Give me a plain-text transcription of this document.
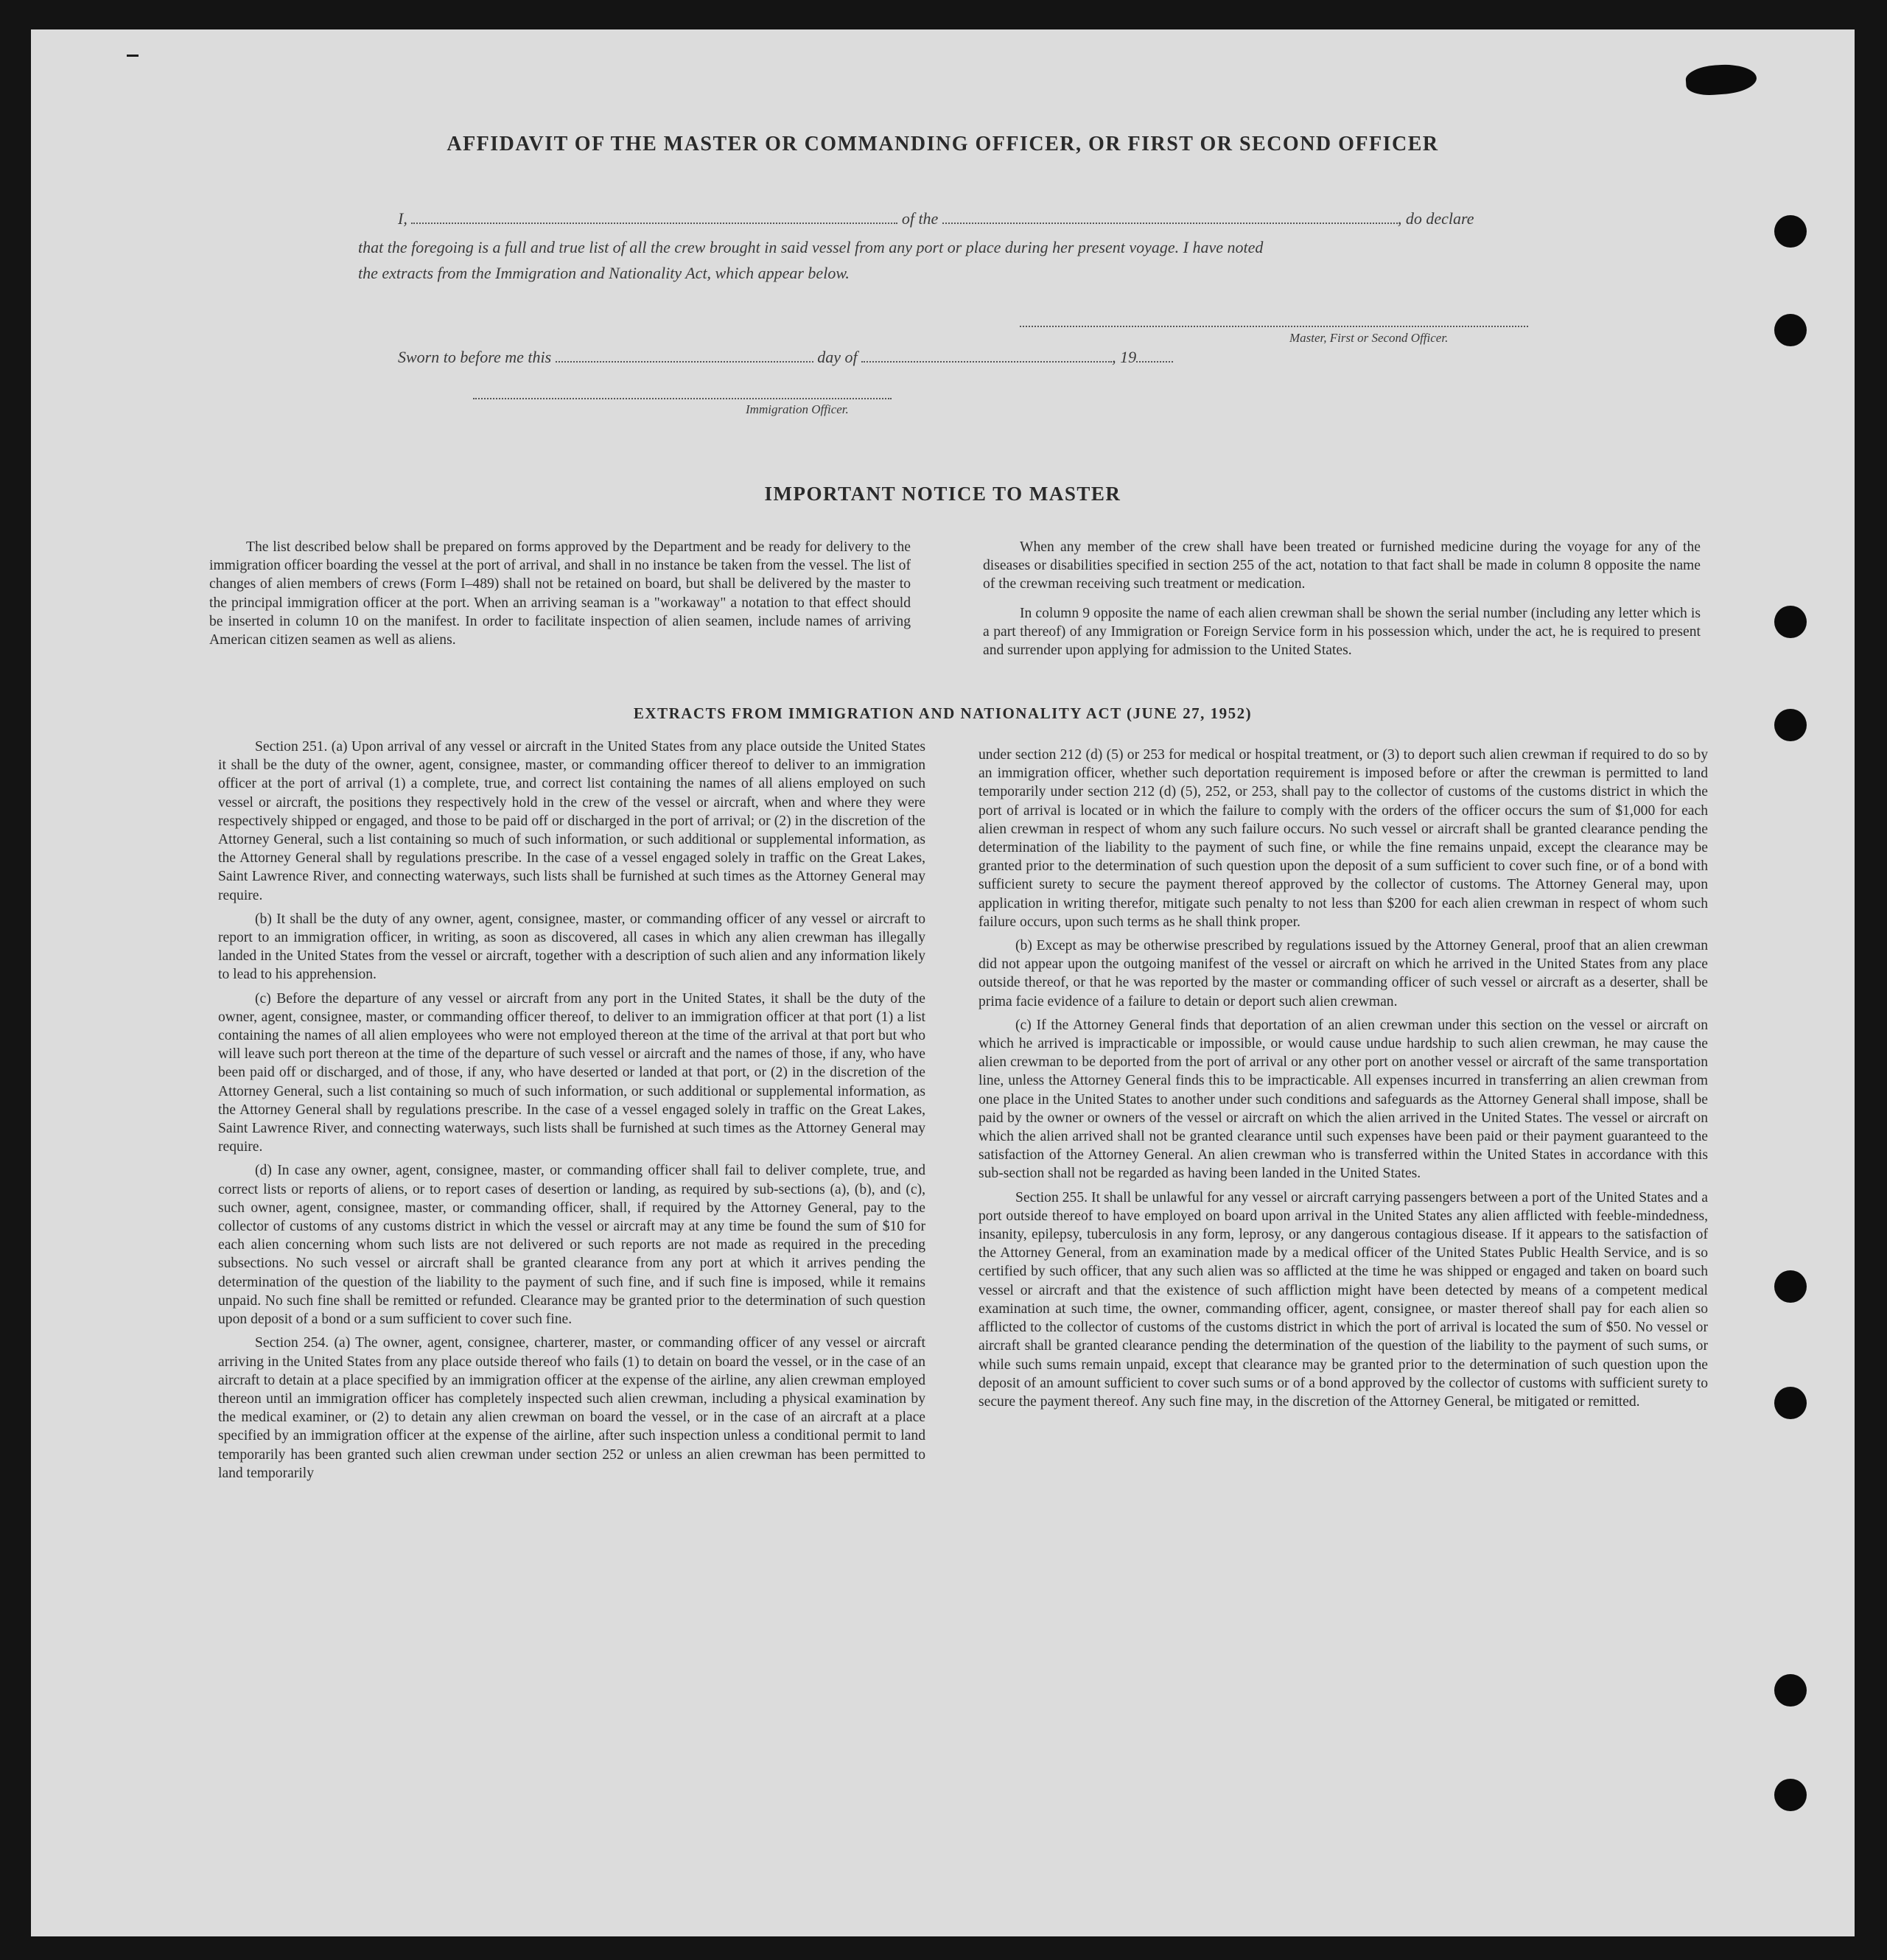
AFFIDAVIT OF THE MASTER OR COMMANDING OFFICER, OR FIRST OR SECOND OFFICER
I,	of the	, do declare
that the foregoing is a full and true list of all the crew brought in said vessel from any port or place during her present voyage. I have noted
the extracts from the Immigration and Nationality Act, which appear below.
Master, First or Second Officer.
Sworn to before me this	day of	, 19
Immigration Officer.
IMPORTANT NOTICE TO MASTER

The list described below shall be prepared on forms approved by the Department and be ready for delivery to the immigration officer boarding the vessel at the port of arrival, and shall in no instance be taken from the vessel. The list of changes of alien members of crews (Form I–489) shall not be retained on board, but shall be delivered by the master to the principal immigration officer at the port. When an arriving seaman is a "workaway" a notation to that effect should be inserted in column 10 on the manifest. In order to facilitate inspection of alien seamen, include names of arriving American citizen seamen as well as aliens.

When any member of the crew shall have been treated or furnished medicine during the voyage for any of the diseases or disabilities specified in section 255 of the act, notation to that fact shall be made in column 8 opposite the name of the crewman receiving such treatment or medication.

In column 9 opposite the name of each alien crewman shall be shown the serial number (including any letter which is a part thereof) of any Immigration or Foreign Service form in his possession which, under the act, he is required to present and surrender upon applying for admission to the United States.

EXTRACTS FROM IMMIGRATION AND NATIONALITY ACT (JUNE 27, 1952)

Section 251. (a) Upon arrival of any vessel or aircraft in the United States from any place outside the United States it shall be the duty of the owner, agent, consignee, master, or commanding officer thereof to deliver to an immigration officer at the port of arrival (1) a complete, true, and correct list containing the names of all aliens employed on such vessel or aircraft, the positions they respectively hold in the crew of the vessel or aircraft, when and where they were respectively shipped or engaged, and those to be paid off or discharged in the port of arrival; or (2) in the discretion of the Attorney General, such a list containing so much of such information, or such additional or supplemental information, as the Attorney General shall by regulations prescribe. In the case of a vessel engaged solely in traffic on the Great Lakes, Saint Lawrence River, and connecting waterways, such lists shall be furnished at such times as the Attorney General may require.

(b) It shall be the duty of any owner, agent, consignee, master, or commanding officer of any vessel or aircraft to report to an immigration officer, in writing, as soon as discovered, all cases in which any alien crewman has illegally landed in the United States from the vessel or aircraft, together with a description of such alien and any information likely to lead to his apprehension.

(c) Before the departure of any vessel or aircraft from any port in the United States, it shall be the duty of the owner, agent, consignee, master, or commanding officer thereof, to deliver to an immigration officer at that port (1) a list containing the names of all alien employees who were not employed thereon at the time of the arrival at that port but who will leave such port thereon at the time of the departure of such vessel or aircraft and the names of those, if any, who have been paid off or discharged, and of those, if any, who have deserted or landed at that port, or (2) in the discretion of the Attorney General, such a list containing so much of such information, or such additional or supplemental information, as the Attorney General shall by regulations prescribe. In the case of a vessel engaged solely in traffic on the Great Lakes, Saint Lawrence River, and connecting waterways, such lists shall be furnished at such times as the Attorney General may require.

(d) In case any owner, agent, consignee, master, or commanding officer shall fail to deliver complete, true, and correct lists or reports of aliens, or to report cases of desertion or landing, as required by sub-sections (a), (b), and (c), such owner, agent, consignee, master, or commanding officer, shall, if required by the Attorney General, pay to the collector of customs of any customs district in which the vessel or aircraft may at any time be found the sum of $10 for each alien concerning whom such lists are not delivered or such reports are not made as required in the preceding subsections. No such vessel or aircraft shall be granted clearance from any port at which it arrives pending the determination of the question of the liability to the payment of such fine, and if such fine is imposed, while it remains unpaid. No such fine shall be remitted or refunded. Clearance may be granted prior to the determination of such question upon deposit of a bond or a sum sufficient to cover such fine.

Section 254. (a) The owner, agent, consignee, charterer, master, or commanding officer of any vessel or aircraft arriving in the United States from any place outside thereof who fails (1) to detain on board the vessel, or in the case of an aircraft to detain at a place specified by an immigration officer at the expense of the airline, any alien crewman employed thereon until an immigration officer has completely inspected such alien crewman, including a physical examination by the medical examiner, or (2) to detain any alien crewman on board the vessel, or in the case of an aircraft at a place specified by an immigration officer at the expense of the airline, after such inspection unless a conditional permit to land temporarily has been granted such alien crewman under section 252 or unless an alien crewman has been permitted to land temporarily

under section 212 (d) (5) or 253 for medical or hospital treatment, or (3) to deport such alien crewman if required to do so by an immigration officer, whether such deportation requirement is imposed before or after the crewman is permitted to land temporarily under section 212 (d) (5), 252, or 253, shall pay to the collector of customs of the customs district in which the port of arrival is located or in which the failure to comply with the orders of the officer occurs the sum of $1,000 for each alien crewman in respect of whom any such failure occurs. No such vessel or aircraft shall be granted clearance pending the determination of the liability to the payment of such fine, or while the fine remains unpaid, except the clearance may be granted prior to the determination of such question upon the deposit of a sum sufficient to cover such fine, or of a bond with sufficient surety to secure the payment thereof approved by the collector of customs. The Attorney General may, upon application in writing therefor, mitigate such penalty to not less than $200 for each alien crewman in respect of whom such failure occurs, upon such terms as he shall think proper.

(b) Except as may be otherwise prescribed by regulations issued by the Attorney General, proof that an alien crewman did not appear upon the outgoing manifest of the vessel or aircraft on which he arrived in the United States from any place outside thereof, or that he was reported by the master or commanding officer of such vessel or aircraft as a deserter, shall be prima facie evidence of a failure to detain or deport such alien crewman.

(c) If the Attorney General finds that deportation of an alien crewman under this section on the vessel or aircraft on which he arrived is impracticable or impossible, or would cause undue hardship to such alien crewman, he may cause the alien crewman to be deported from the port of arrival or any other port on another vessel or aircraft of the same transportation line, unless the Attorney General finds this to be impracticable. All expenses incurred in transferring an alien crewman from one place in the United States to another under such conditions and safeguards as the Attorney General shall impose, shall be paid by the owner or owners of the vessel or aircraft on which the alien arrived in the United States. The vessel or aircraft on which the alien arrived shall not be granted clearance until such expenses have been paid or their payment guaranteed to the satisfaction of the Attorney General. An alien crewman who is transferred within the United States in accordance with this sub-section shall not be regarded as having been landed in the United States.

Section 255. It shall be unlawful for any vessel or aircraft carrying passengers between a port of the United States and a port outside thereof to have employed on board upon arrival in the United States any alien afflicted with feeble-mindedness, insanity, epilepsy, tuberculosis in any form, leprosy, or any dangerous contagious disease. If it appears to the satisfaction of the Attorney General, from an examination made by a medical officer of the United States Public Health Service, and is so certified by such officer, that any such alien was so afflicted at the time he was shipped or engaged and taken on board such vessel or aircraft and that the existence of such affliction might have been detected by means of a competent medical examination at such time, the owner, commanding officer, agent, consignee, or master thereof shall pay for each alien so afflicted to the collector of customs of the customs district in which the port of arrival is located the sum of $50. No vessel or aircraft shall be granted clearance pending the determination of the question of the liability to the payment of such sums, or while such sums remain unpaid, except that clearance may be granted prior to the determination of such question upon the deposit of an amount sufficient to cover such sums or of a bond approved by the collector of customs with sufficient surety to secure the payment thereof. Any such fine may, in the discretion of the Attorney General, be mitigated or remitted.
